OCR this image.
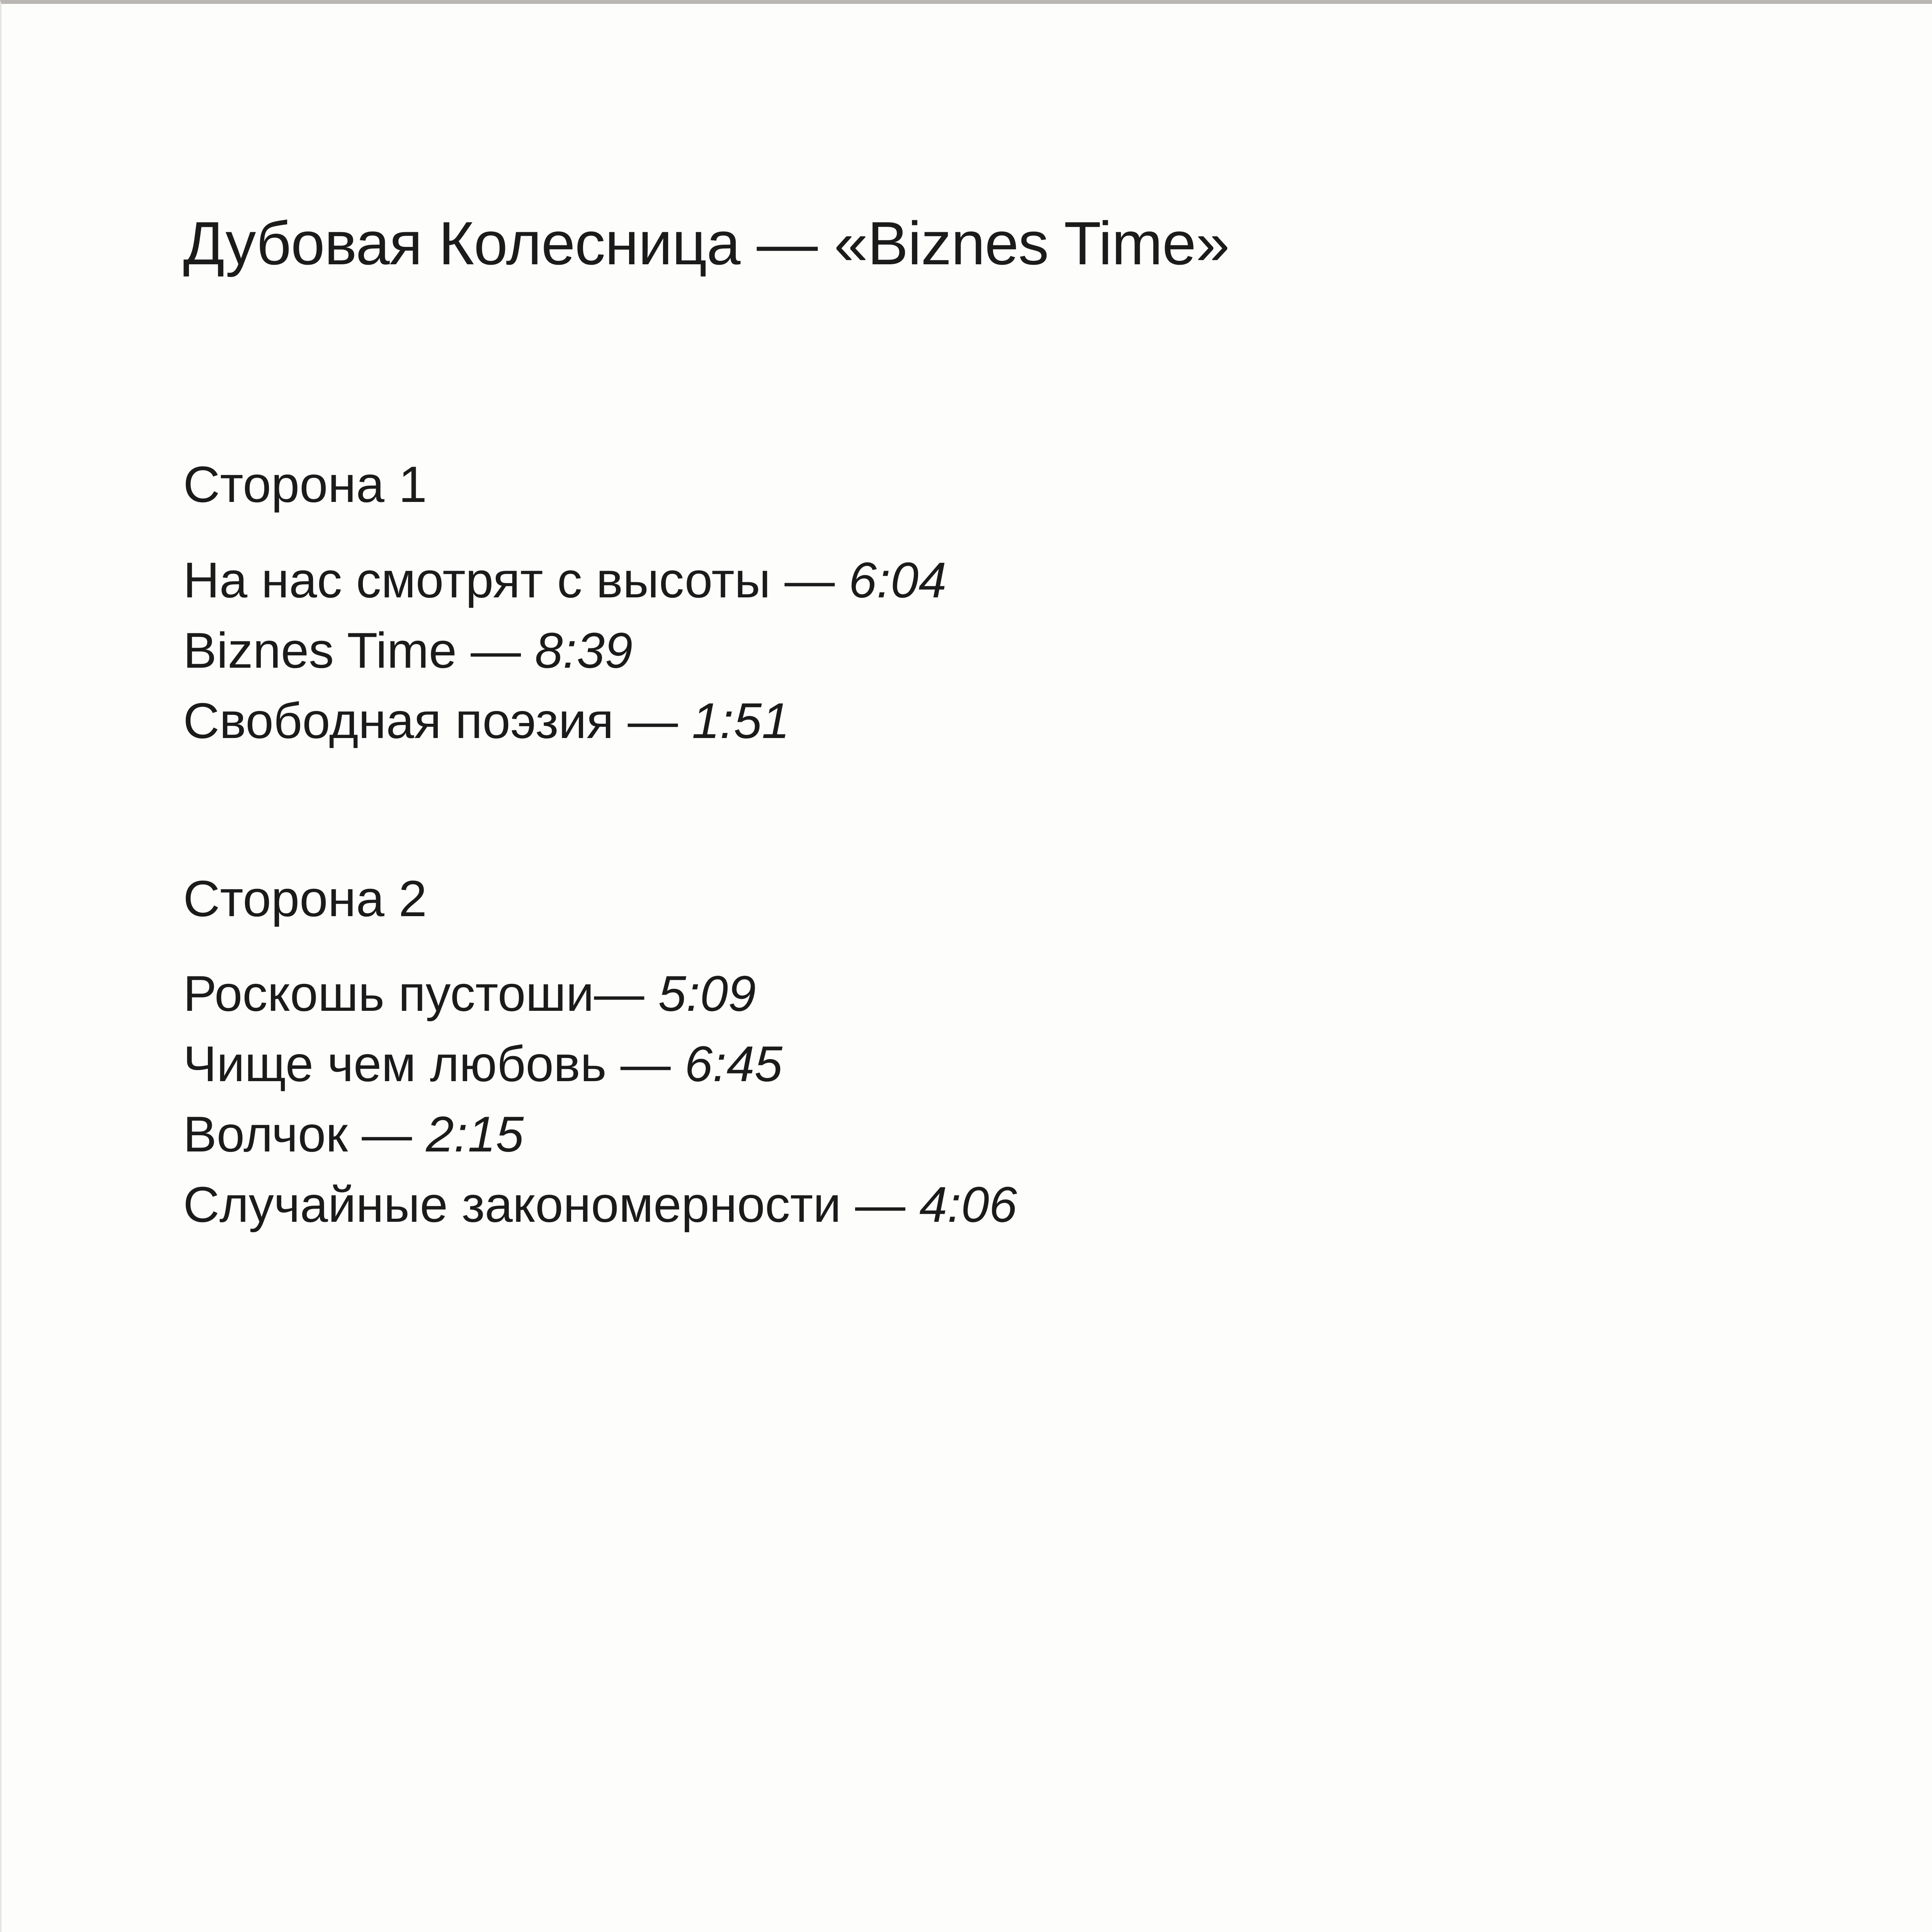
Дубовая Колесница — «Biznes Time»
Сторона 1
На нас смотрят с высоты — 6:04
Biznes Time — 8:39
Свободная поэзия — 1:51
Сторона 2
Роскошь пустоши— 5:09
Чище чем любовь — 6:45
Волчок — 2:15
Случайные закономерности — 4:06
